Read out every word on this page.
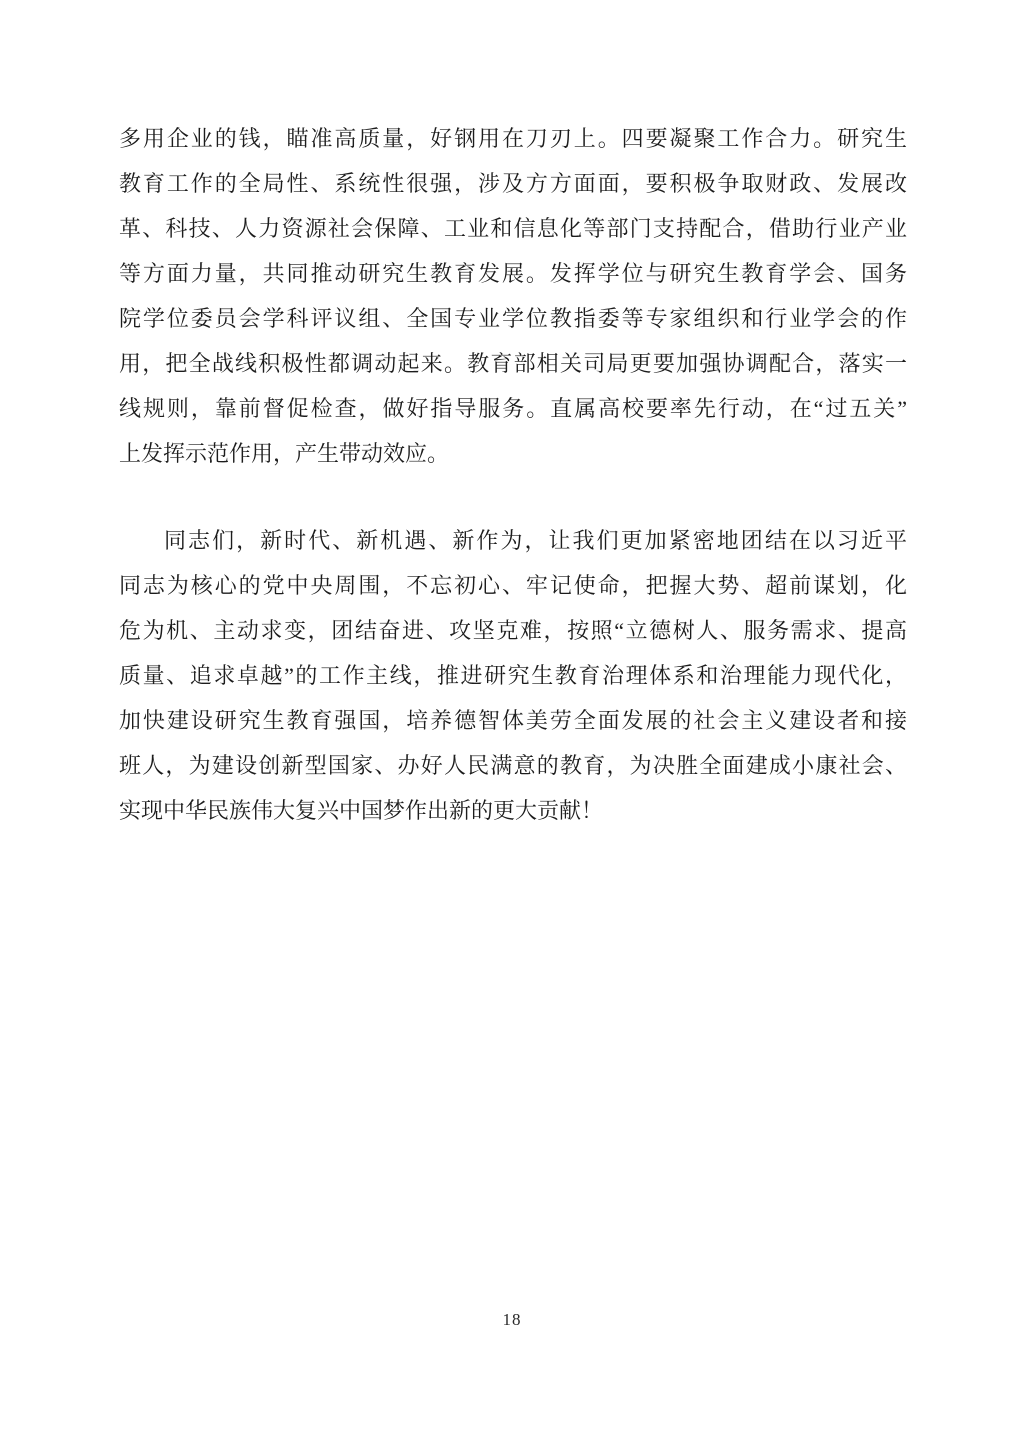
多用企业的钱，瞄准高质量，好钢用在刀刃上。四要凝聚工作合力。研究生
教育工作的全局性、系统性很强，涉及方方面面，要积极争取财政、发展改
革、科技、人力资源社会保障、工业和信息化等部门支持配合，借助行业产业
等方面力量，共同推动研究生教育发展。发挥学位与研究生教育学会、国务
院学位委员会学科评议组、全国专业学位教指委等专家组织和行业学会的作
用，把全战线积极性都调动起来。教育部相关司局更要加强协调配合，落实一
线规则，靠前督促检查，做好指导服务。直属高校要率先行动，在“过五关”
上发挥示范作用，产生带动效应。
同志们，新时代、新机遇、新作为，让我们更加紧密地团结在以习近平
同志为核心的党中央周围，不忘初心、牢记使命，把握大势、超前谋划，化
危为机、主动求变，团结奋进、攻坚克难，按照“立德树人、服务需求、提高
质量、追求卓越”的工作主线，推进研究生教育治理体系和治理能力现代化，
加快建设研究生教育强国，培养德智体美劳全面发展的社会主义建设者和接
班人，为建设创新型国家、办好人民满意的教育，为决胜全面建成小康社会、
实现中华民族伟大复兴中国梦作出新的更大贡献！
18
